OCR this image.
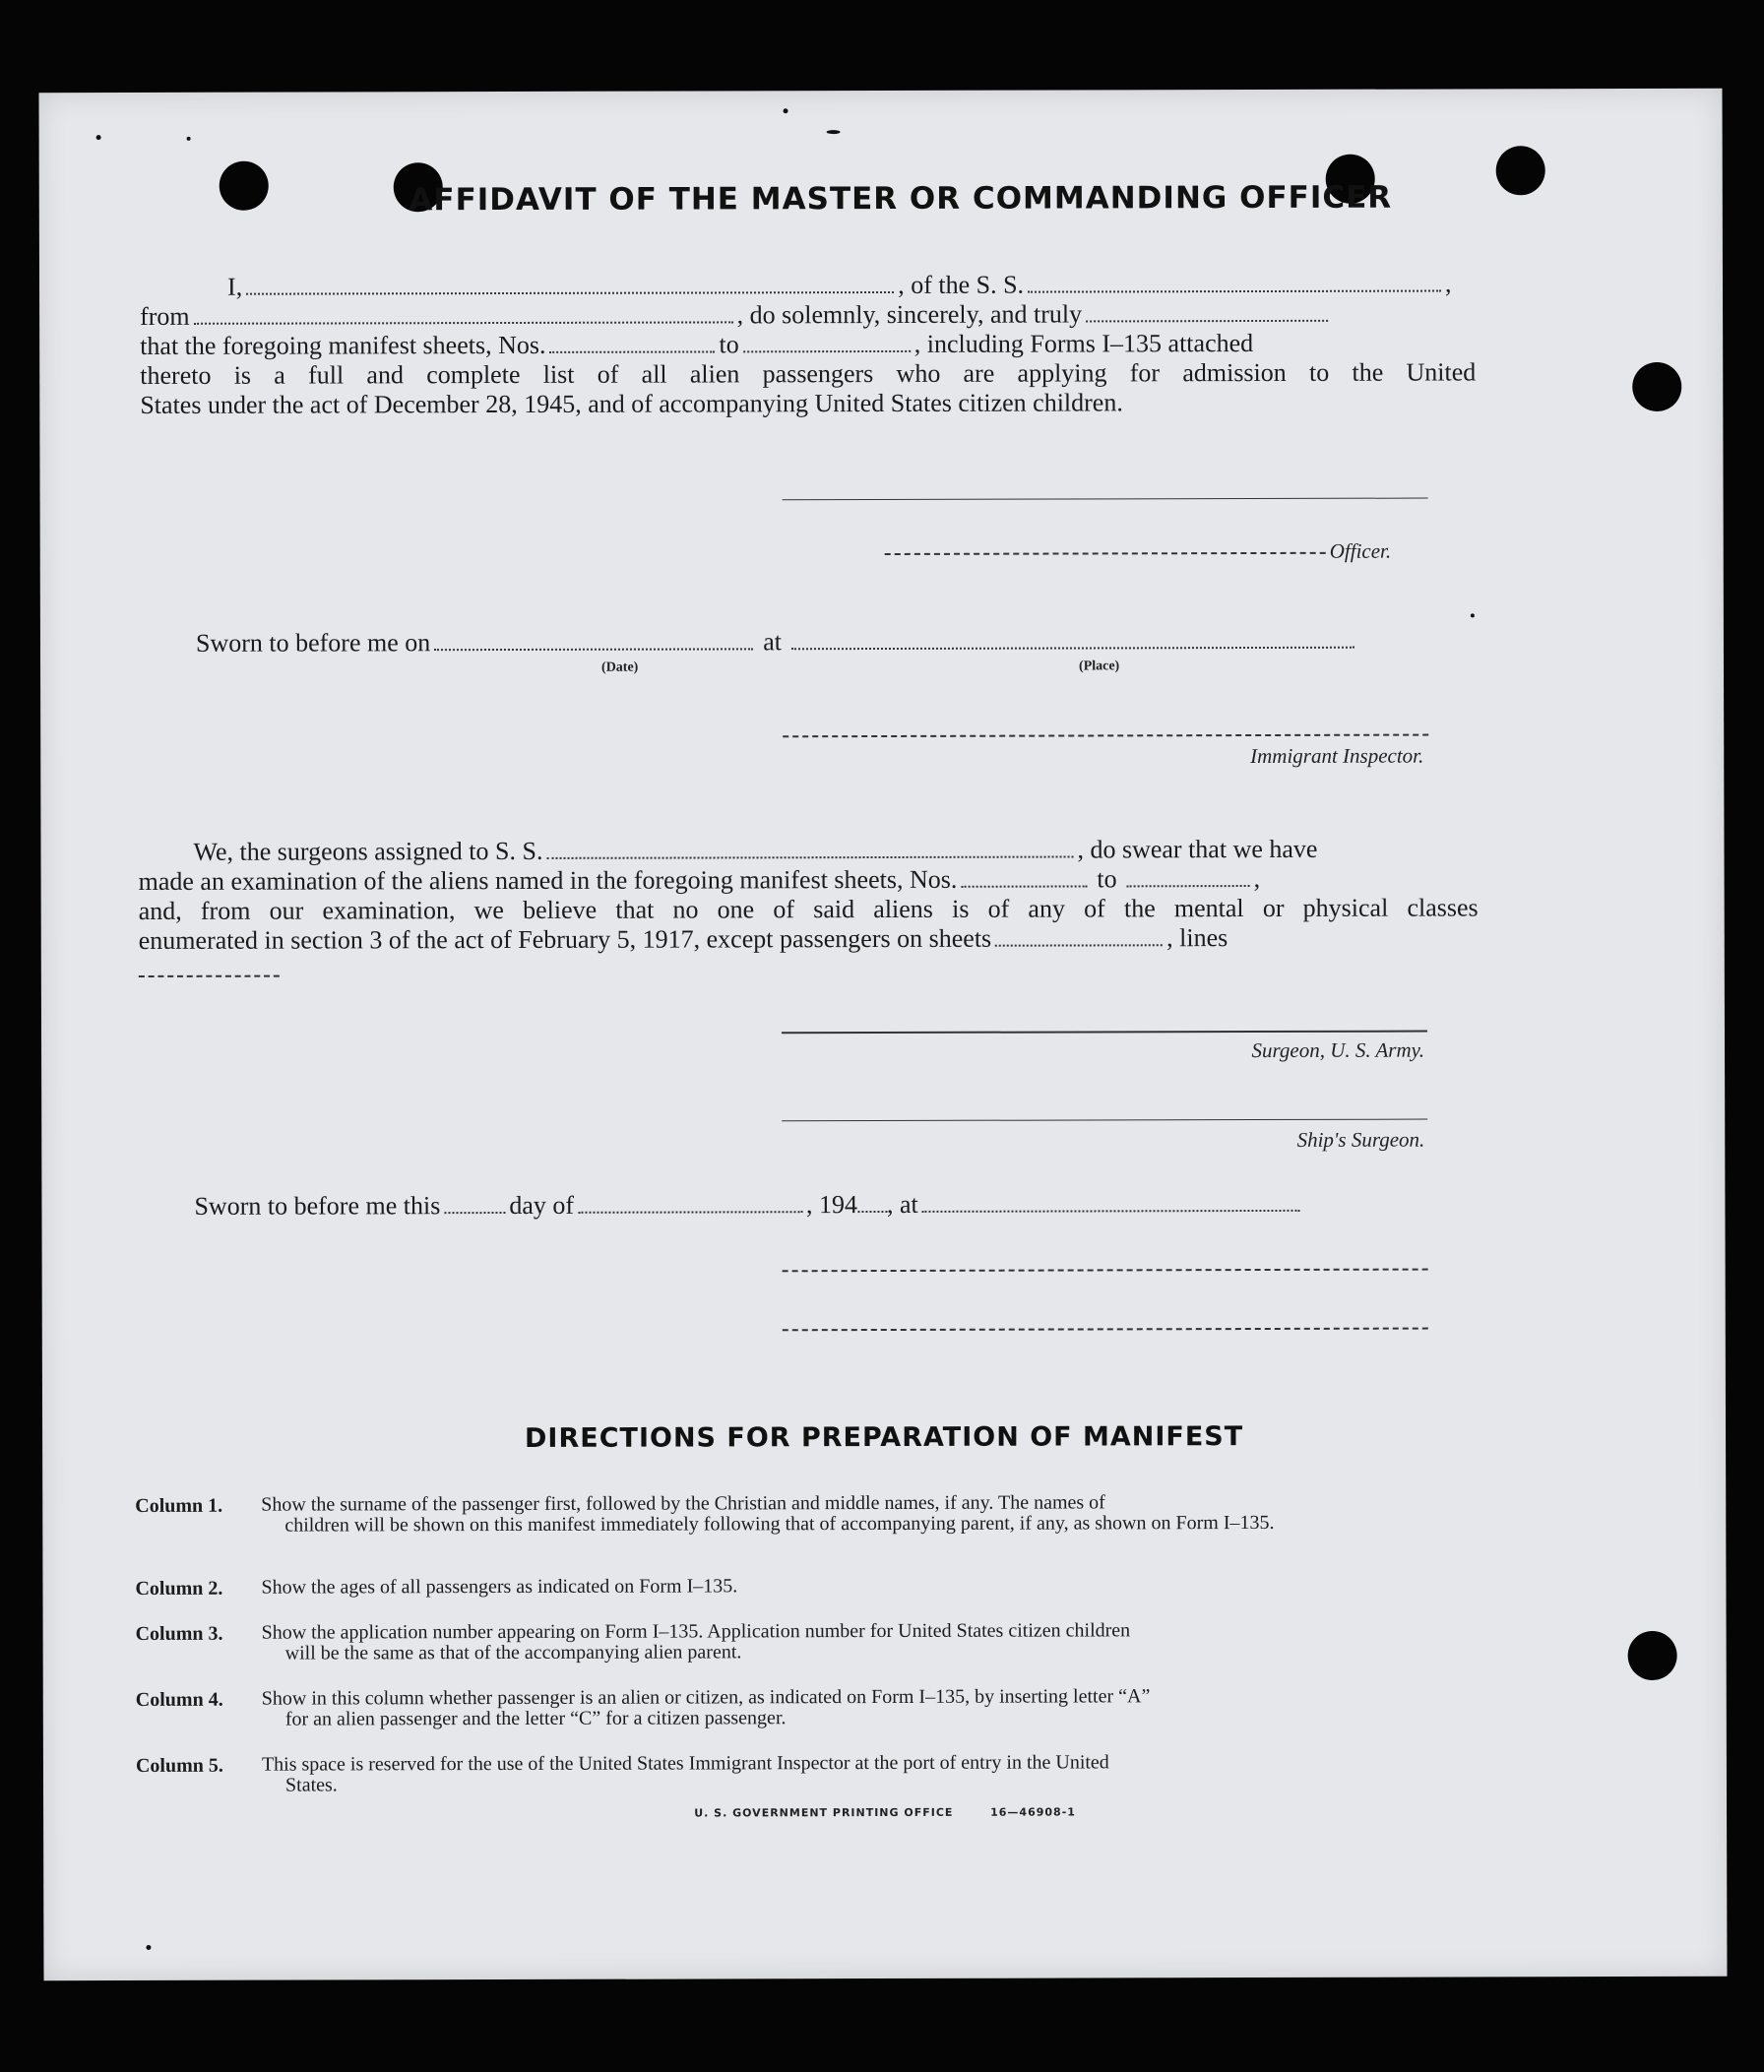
AFFIDAVIT OF THE MASTER OR COMMANDING OFFICER
I,	, of the S. S.	,
from	, do solemnly, sincerely, and truly
that the foregoing manifest sheets, Nos.	to	, including Forms I–135 attached
thereto is a full and complete list of all alien passengers who are applying for admission to the United
States under the act of December 28, 1945, and of accompanying United States citizen children.
Officer.
Sworn to before me on	at
(Date)	(Place)
Immigrant Inspector.
We, the surgeons assigned to S. S.	, do swear that we have
made an examination of the aliens named in the foregoing manifest sheets, Nos.	to	,
and, from our examination, we believe that no one of said aliens is of any of the mental or physical classes
enumerated in section 3 of the act of February 5, 1917, except passengers on sheets	, lines
Surgeon, U. S. Army.
Ship's Surgeon.
Sworn to before me this	day of	, 194 , at
DIRECTIONS FOR PREPARATION OF MANIFEST
Column 1.	Show the surname of the passenger first, followed by the Christian and middle names, if any. The names of
children will be shown on this manifest immediately following that of accompanying parent, if any, as shown on Form I–135.
Column 2.	Show the ages of all passengers as indicated on Form I–135.
Column 3.	Show the application number appearing on Form I–135. Application number for United States citizen children
will be the same as that of the accompanying alien parent.
Column 4.	Show in this column whether passenger is an alien or citizen, as indicated on Form I–135, by inserting letter “A”
for an alien passenger and the letter “C” for a citizen passenger.
Column 5.	This space is reserved for the use of the United States Immigrant Inspector at the port of entry in the United
States.
U. S. GOVERNMENT PRINTING OFFICE	16—46908-1
